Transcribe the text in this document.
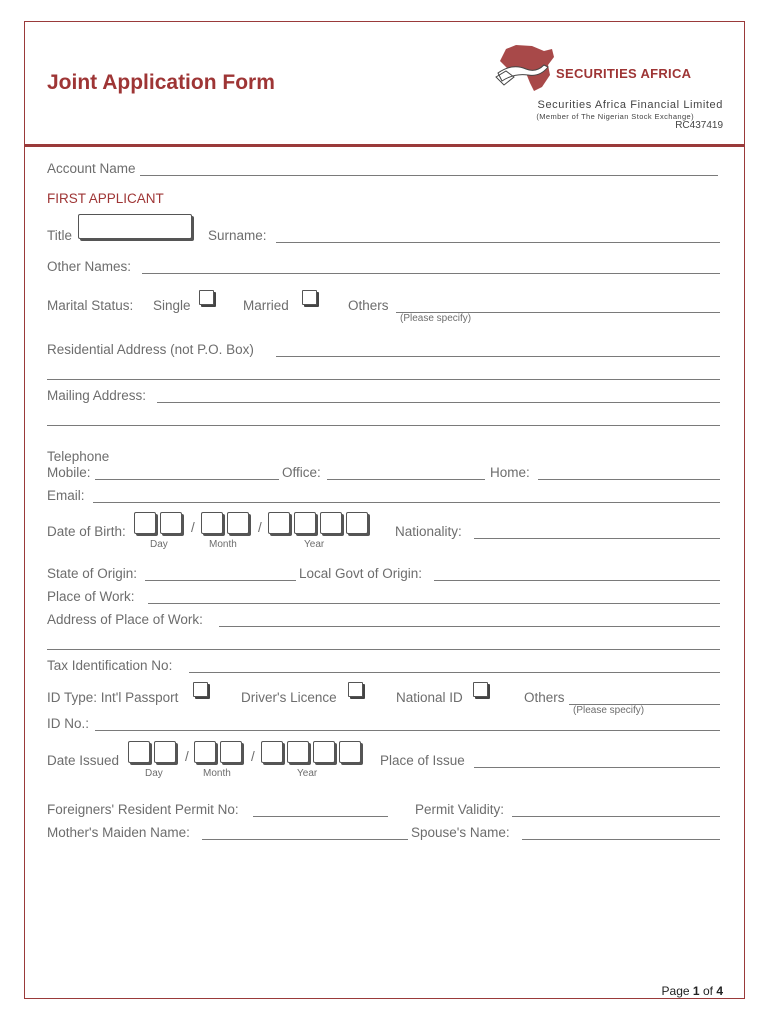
Joint Application Form	SECURITIES AFRICA
Securities Africa Financial Limited
(Member of The Nigerian Stock Exchange)
RC437419
Account Name
FIRST APPLICANT
Title	Surname:
Other Names:
Marital Status: Single	Married	Others
(Please specify)
Residential Address (not P.O. Box)
Mailing Address:
Telephone
Mobile:	Office:	Home:
Email:
Date of Birth:	/	/
Day	Month	Year
Nationality:
State of Origin:	Local Govt of Origin:
Place of Work:
Address of Place of Work:
Tax Identification No:
ID Type: Int'l Passport	Driver's Licence	National ID	Others
(Please specify)
ID No.:
Date Issued	/	/
Day	Month	Year
Place of Issue
Foreigners' Resident Permit No:	Permit Validity:
Mother's Maiden Name:	Spouse's Name:
Page 1 of 4
